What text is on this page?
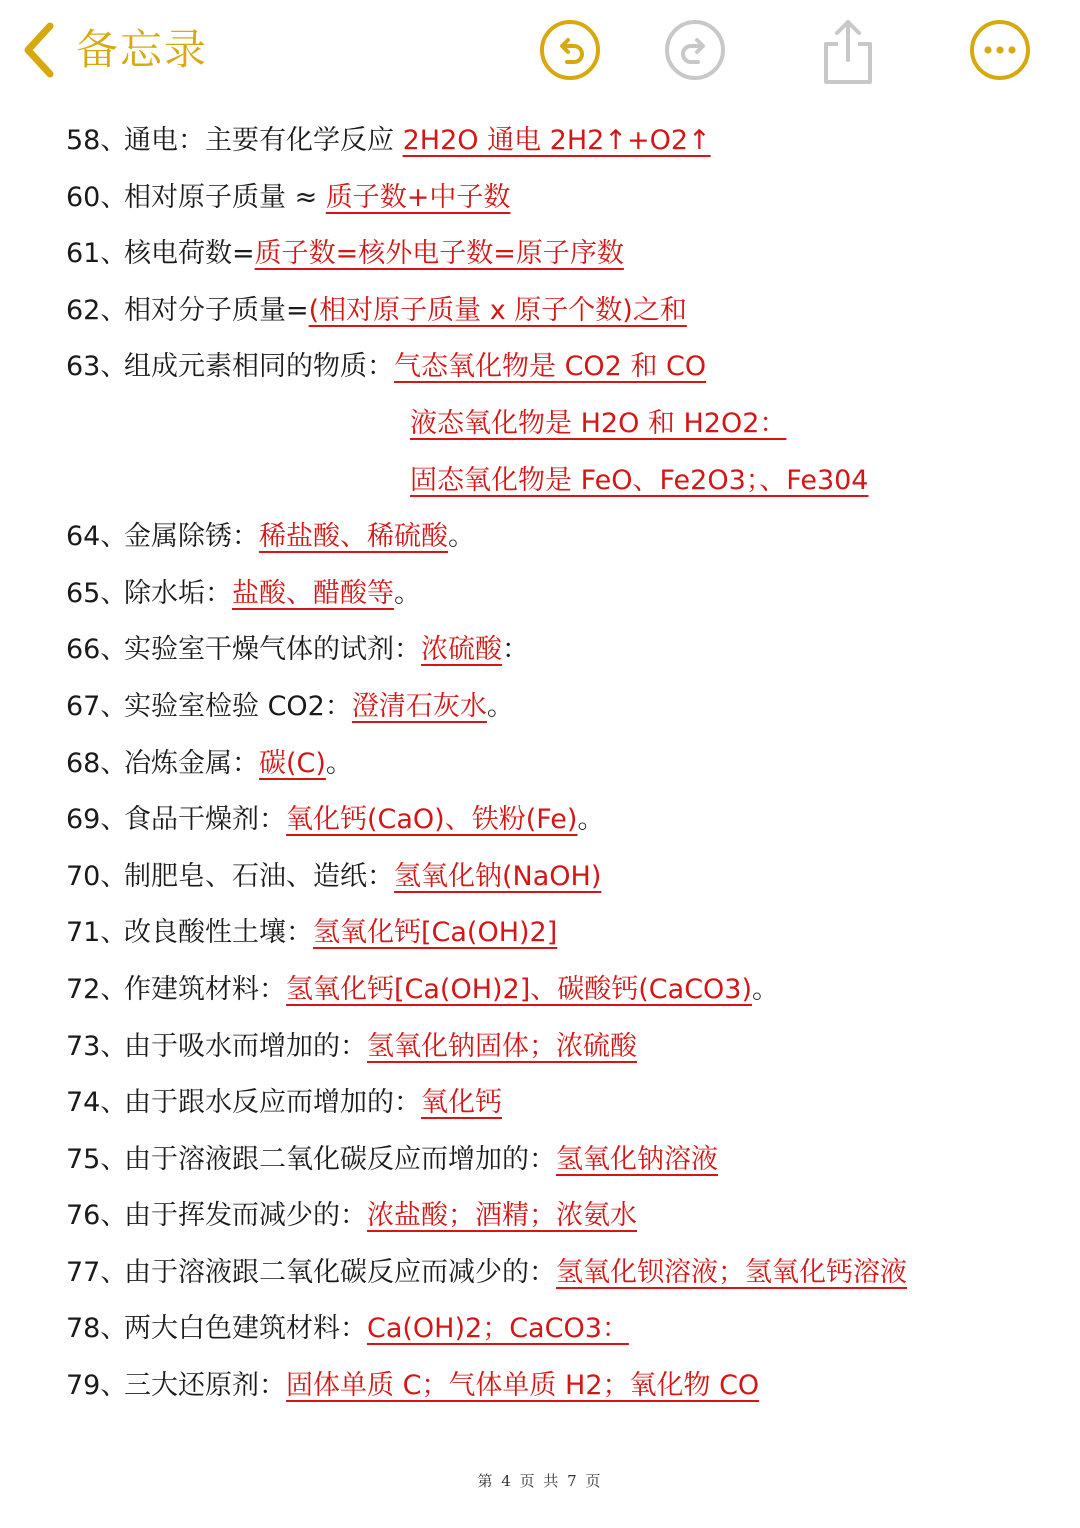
备忘录
58、
通电：主要有化学反应 2H2O 通电 2H2↑+O2↑
60、
相对原子质量 ≈ 质子数+中子数
61、
核电荷数=质子数=核外电子数=原子序数
62、
相对分子质量=(相对原子质量 x 原子个数)之和
63、
组成元素相同的物质：气态氧化物是 CO2 和 CO
液态氧化物是 H2O 和 H2O2：
固态氧化物是 FeO、Fe2O3；、Fe304
64、
金属除锈：稀盐酸、稀硫酸。
65、
除水垢：盐酸、醋酸等。
66、
实验室干燥气体的试剂：浓硫酸：
67、
实验室检验 CO2：澄清石灰水。
68、
冶炼金属：碳(C)。
69、
食品干燥剂：氧化钙(CaO)、铁粉(Fe)。
70、
制肥皂、石油、造纸：氢氧化钠(NaOH)
71、
改良酸性土壤：氢氧化钙[Ca(OH)2]
72、
作建筑材料：氢氧化钙[Ca(OH)2]、碳酸钙(CaCO3)。
73、
由于吸水而增加的：氢氧化钠固体；浓硫酸
74、
由于跟水反应而增加的：氧化钙
75、
由于溶液跟二氧化碳反应而增加的：氢氧化钠溶液
76、
由于挥发而减少的：浓盐酸；酒精；浓氨水
77、
由于溶液跟二氧化碳反应而减少的：氢氧化钡溶液；氢氧化钙溶液
78、
两大白色建筑材料：Ca(OH)2；CaCO3：
79、
三大还原剂：固体单质 C；气体单质 H2；氧化物 CO
第 4 页 共 7 页
